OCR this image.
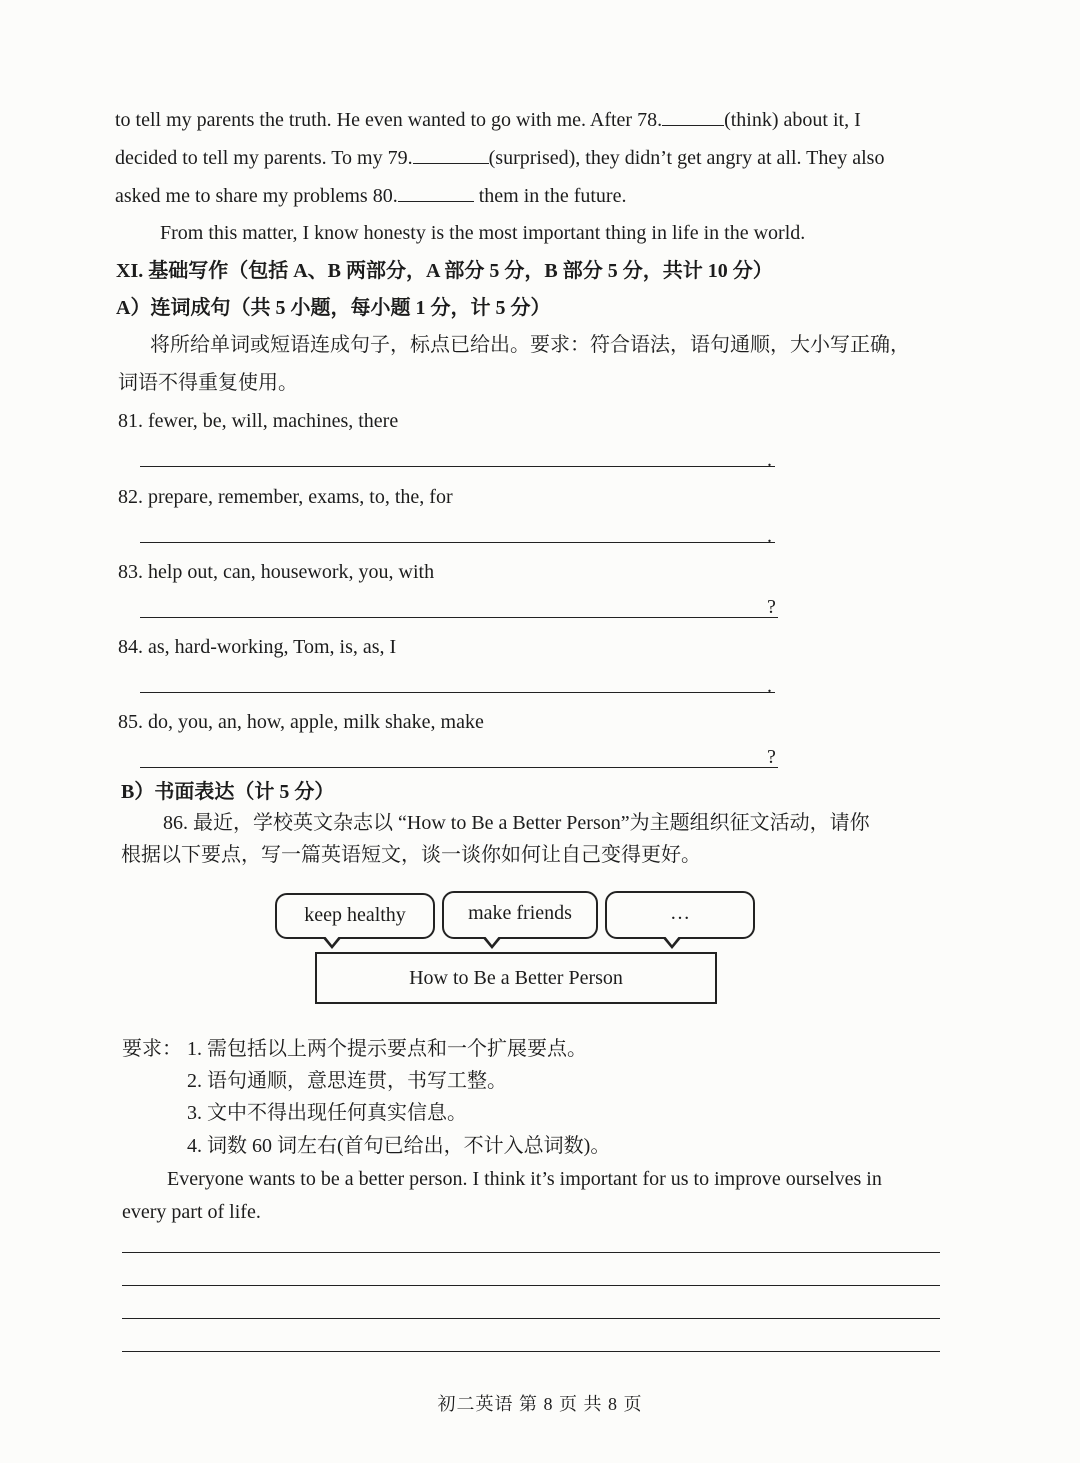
to tell my parents the truth. He even wanted to go with me. After 78.	(think) about it, I
decided to tell my parents. To my 79.	(surprised), they didn’t get angry at all. They also
asked me to share my problems 80.	them in the future.
From this matter, I know honesty is the most important thing in life in the world.
XI. 基础写作（包括 A、B 两部分，A 部分 5 分，B 部分 5 分，共计 10 分）
A）连词成句（共 5 小题，每小题 1 分，计 5 分）
将所给单词或短语连成句子，标点已给出。要求：符合语法，语句通顺，大小写正确，
词语不得重复使用。
81. fewer, be, will, machines, there
.
82. prepare, remember, exams, to, the, for
.
83. help out, can, housework, you, with
?
84. as, hard-working, Tom, is, as, I
.
85. do, you, an, how, apple, milk shake, make
?
B）书面表达（计 5 分）
86. 最近，学校英文杂志以 “How to Be a Better Person”为主题组织征文活动，请你
根据以下要点，写一篇英语短文，谈一谈你如何让自己变得更好。
keep healthy	make friends	…
How to Be a Better Person
要求： 1. 需包括以上两个提示要点和一个扩展要点。
2. 语句通顺，意思连贯，书写工整。
3. 文中不得出现任何真实信息。
4. 词数 60 词左右(首句已给出，不计入总词数)。
Everyone wants to be a better person. I think it’s important for us to improve ourselves in
every part of life.
初二英语 第 8 页 共 8 页
